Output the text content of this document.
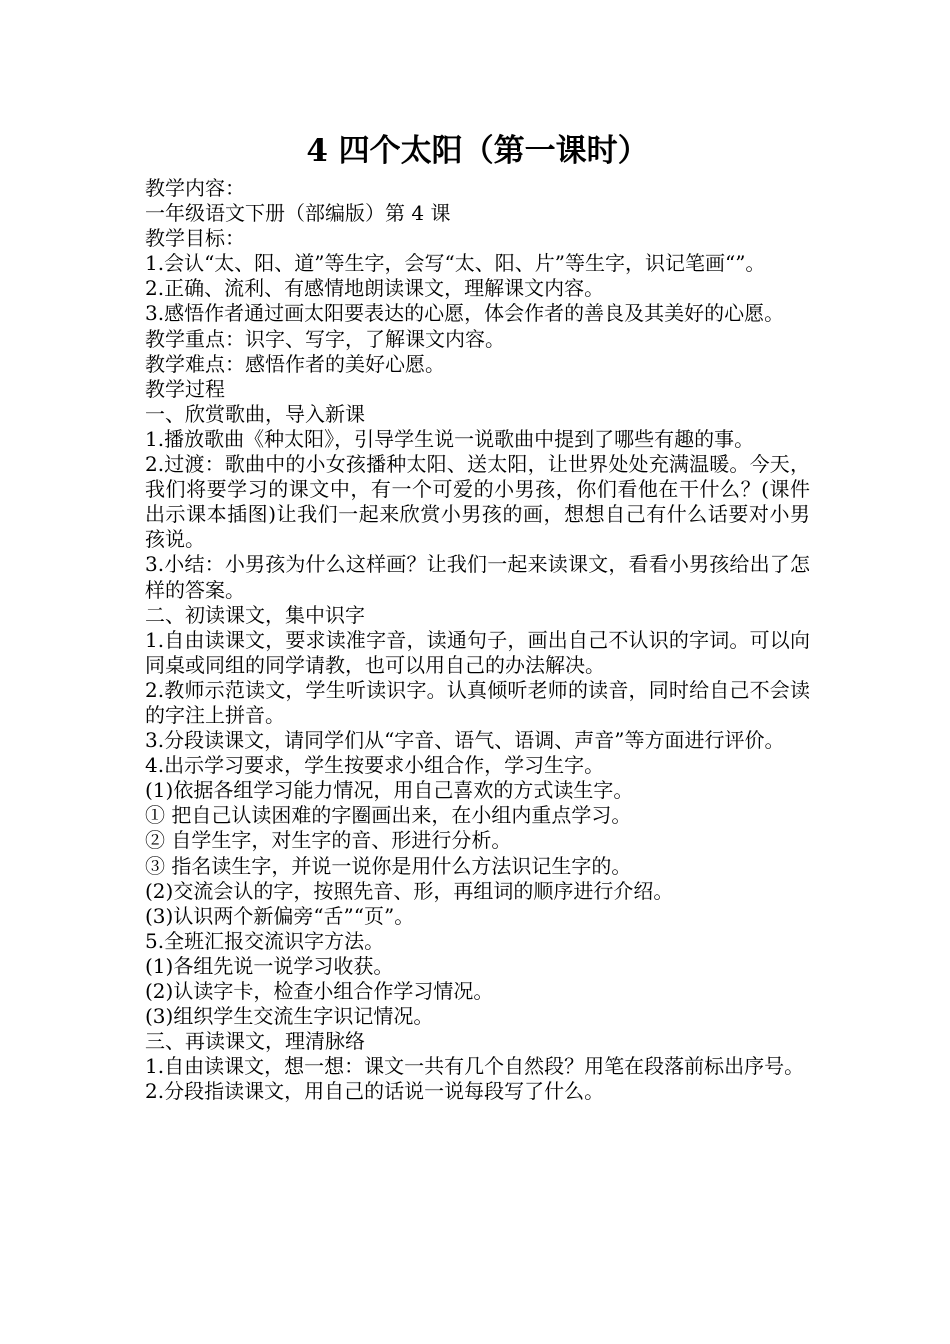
4 四个太阳（第一课时）

教学内容：

一年级语文下册（部编版）第 4 课

教学目标：

1.会认“太、阳、道”等生字，会写“太、阳、片”等生字，识记笔画“”。

2.正确、流利、有感情地朗读课文，理解课文内容。

3.感悟作者通过画太阳要表达的心愿，体会作者的善良及其美好的心愿。

教学重点：识字、写字，了解课文内容。

教学难点：感悟作者的美好心愿。

教学过程

一、欣赏歌曲，导入新课

1.播放歌曲《种太阳》，引导学生说一说歌曲中提到了哪些有趣的事。

2.过渡：歌曲中的小女孩播种太阳、送太阳，让世界处处充满温暖。今天，我们将要学习的课文中，有一个可爱的小男孩，你们看他在干什么？(课件出示课本插图)让我们一起来欣赏小男孩的画，想想自己有什么话要对小男孩说。

3.小结：小男孩为什么这样画？让我们一起来读课文，看看小男孩给出了怎样的答案。

二、初读课文，集中识字

1.自由读课文，要求读准字音，读通句子，画出自己不认识的字词。可以向同桌或同组的同学请教，也可以用自己的办法解决。

2.教师示范读文，学生听读识字。认真倾听老师的读音，同时给自己不会读的字注上拼音。

3.分段读课文，请同学们从“字音、语气、语调、声音”等方面进行评价。

4.出示学习要求，学生按要求小组合作，学习生字。

(1)依据各组学习能力情况，用自己喜欢的方式读生字。

① 把自己认读困难的字圈画出来，在小组内重点学习。

② 自学生字，对生字的音、形进行分析。

③ 指名读生字，并说一说你是用什么方法识记生字的。

(2)交流会认的字，按照先音、形，再组词的顺序进行介绍。

(3)认识两个新偏旁“舌”“页”。

5.全班汇报交流识字方法。

(1)各组先说一说学习收获。

(2)认读字卡，检查小组合作学习情况。

(3)组织学生交流生字识记情况。

三、再读课文，理清脉络

1.自由读课文，想一想：课文一共有几个自然段？用笔在段落前标出序号。

2.分段指读课文，用自己的话说一说每段写了什么。
